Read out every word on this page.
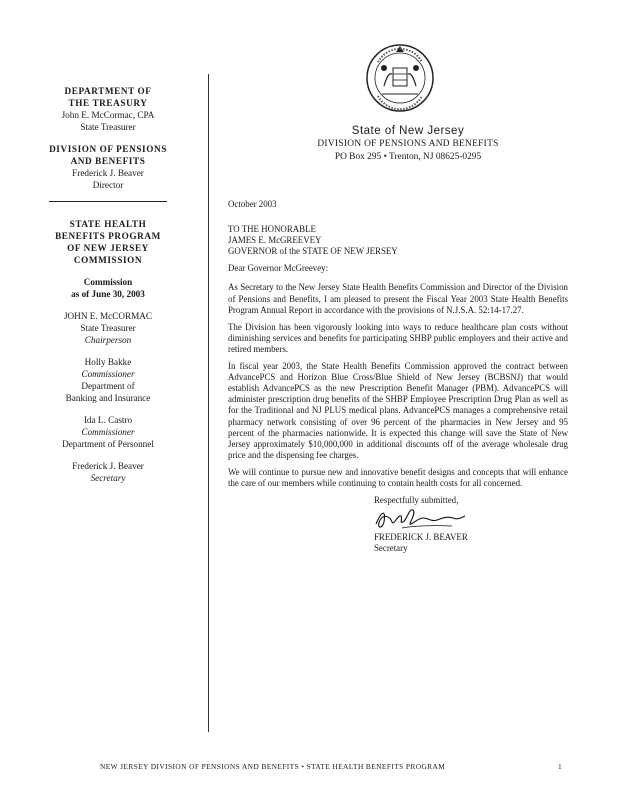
DEPARTMENT OF
THE TREASURY
John E. McCormac, CPA
State Treasurer
DIVISION OF PENSIONS
AND BENEFITS
Frederick J. Beaver
Director
STATE HEALTH
BENEFITS PROGRAM
OF NEW JERSEY
COMMISSION
Commission
as of June 30, 2003
JOHN E. McCORMAC
State Treasurer
Chairperson
Holly Bakke
Commissioner
Department of
Banking and Insurance
Ida L. Castro
Commissioner
Department of Personnel
Frederick J. Beaver
Secretary
State of New Jersey
DIVISION OF PENSIONS AND BENEFITS
PO Box 295 • Trenton, NJ 08625-0295

October 2003

TO THE HONORABLE
JAMES E. McGREEVEY
GOVERNOR of the STATE OF NEW JERSEY

Dear Governor McGreevey:

As Secretary to the New Jersey State Health Benefits Commission and Director of the Division of Pensions and Benefits, I am pleased to present the Fiscal Year 2003 State Health Benefits Program Annual Report in accordance with the provisions of N.J.S.A. 52:14-17.27.

The Division has been vigorously looking into ways to reduce healthcare plan costs without diminishing services and benefits for participating SHBP public employers and their active and retired members.

In fiscal year 2003, the State Health Benefits Commission approved the contract between AdvancePCS and Horizon Blue Cross/Blue Shield of New Jersey (BCBSNJ) that would establish AdvancePCS as the new Prescription Benefit Manager (PBM). AdvancePCS will administer prescription drug benefits of the SHBP Employee Prescription Drug Plan as well as for the Traditional and NJ PLUS medical plans. AdvancePCS manages a comprehensive retail pharmacy network consisting of over 96 percent of the pharmacies in New Jersey and 95 percent of the pharmacies nationwide. It is expected this change will save the State of New Jersey approximately $10,000,000 in additional discounts off of the average wholesale drug price and the dispensing fee charges.

We will continue to pursue new and innovative benefit designs and concepts that will enhance the care of our members while continuing to contain health costs for all concerned.

Respectfully submitted,
FREDERICK J. BEAVER
Secretary
NEW JERSEY DIVISION OF PENSIONS AND BENEFITS • STATE HEALTH BENEFITS PROGRAM	1
